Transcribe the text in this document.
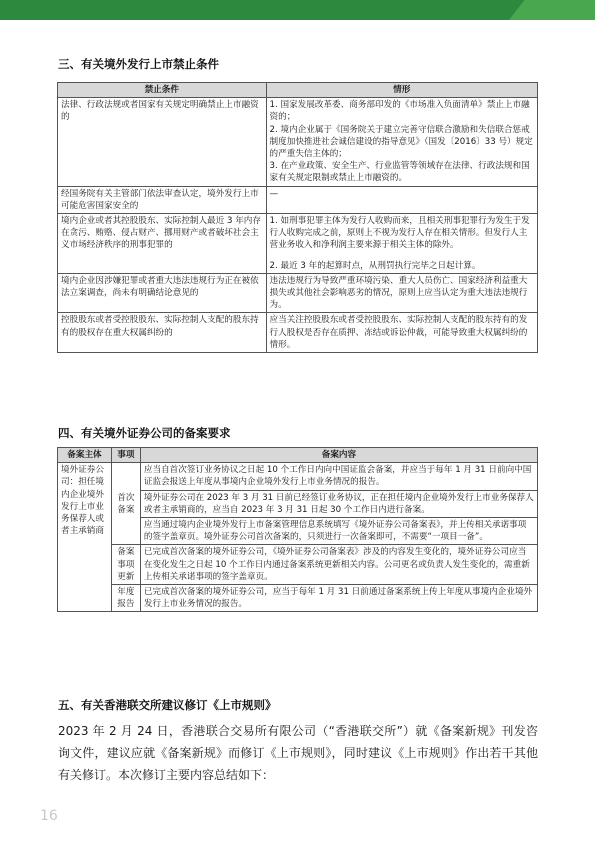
三、有关境外发行上市禁止条件
禁止条件	情形
法律、行政法规或者国家有关规定明确禁止上市融资的	1. 国家发展改革委、商务部印发的《市场准入负面清单》禁止上市融资的；
2. 境内企业属于《国务院关于建立完善守信联合激励和失信联合惩戒制度加快推进社会诚信建设的指导意见》（国发〔2016〕33 号）规定的严重失信主体的；
3. 在产业政策、安全生产、行业监管等领域存在法律、行政法规和国家有关规定限制或禁止上市融资的。
经国务院有关主管部门依法审查认定，境外发行上市可能危害国家安全的	—
境内企业或者其控股股东、实际控制人最近 3 年内存在贪污、贿赂、侵占财产、挪用财产或者破坏社会主义市场经济秩序的刑事犯罪的	1. 如刑事犯罪主体为发行人收购而来，且相关刑事犯罪行为发生于发行人收购完成之前，原则上不视为发行人存在相关情形。但发行人主营业务收入和净利润主要来源于相关主体的除外。
2. 最近 3 年的起算时点，从刑罚执行完毕之日起计算。
境内企业因涉嫌犯罪或者重大违法违规行为正在被依法立案调查，尚未有明确结论意见的	违法违规行为导致严重环境污染、重大人员伤亡、国家经济利益重大损失或其他社会影响恶劣的情况，原则上应当认定为重大违法违规行为。
控股股东或者受控股股东、实际控制人支配的股东持有的股权存在重大权属纠纷的	应当关注控股股东或者受控股股东、实际控制人支配的股东持有的发行人股权是否存在质押、冻结或诉讼仲裁，可能导致重大权属纠纷的情形。
四、有关境外证券公司的备案要求
备案主体	事项	备案内容
境外证券公司：担任境内企业境外发行上市业务保荐人或者主承销商	首次备案	应当自首次签订业务协议之日起 10 个工作日内向中国证监会备案，并应当于每年 1 月 31 日前向中国证监会报送上年度从事境内企业境外发行上市业务情况的报告。
		境外证券公司在 2023 年 3 月 31 日前已经签订业务协议，正在担任境内企业境外发行上市业务保荐人或者主承销商的，应当自 2023 年 3 月 31 日起 30 个工作日内进行备案。
		应当通过境内企业境外发行上市备案管理信息系统填写《境外证券公司备案表》，并上传相关承诺事项的签字盖章页。境外证券公司首次备案的，只须进行一次备案即可，不需要“一项目一备”。
	备案事项更新	已完成首次备案的境外证券公司，《境外证券公司备案表》涉及的内容发生变化的，境外证券公司应当在变化发生之日起 10 个工作日内通过备案系统更新相关内容。公司更名或负责人发生变化的，需重新上传相关承诺事项的签字盖章页。
	年度报告	已完成首次备案的境外证券公司，应当于每年 1 月 31 日前通过备案系统上传上年度从事境内企业境外发行上市业务情况的报告。
五、有关香港联交所建议修订《上市规则》
2023 年 2 月 24 日，香港联合交易所有限公司（“香港联交所”）就《备案新规》刊发咨询文件，建议应就《备案新规》而修订《上市规则》，同时建议《上市规则》作出若干其他有关修订。本次修订主要内容总结如下：
16
